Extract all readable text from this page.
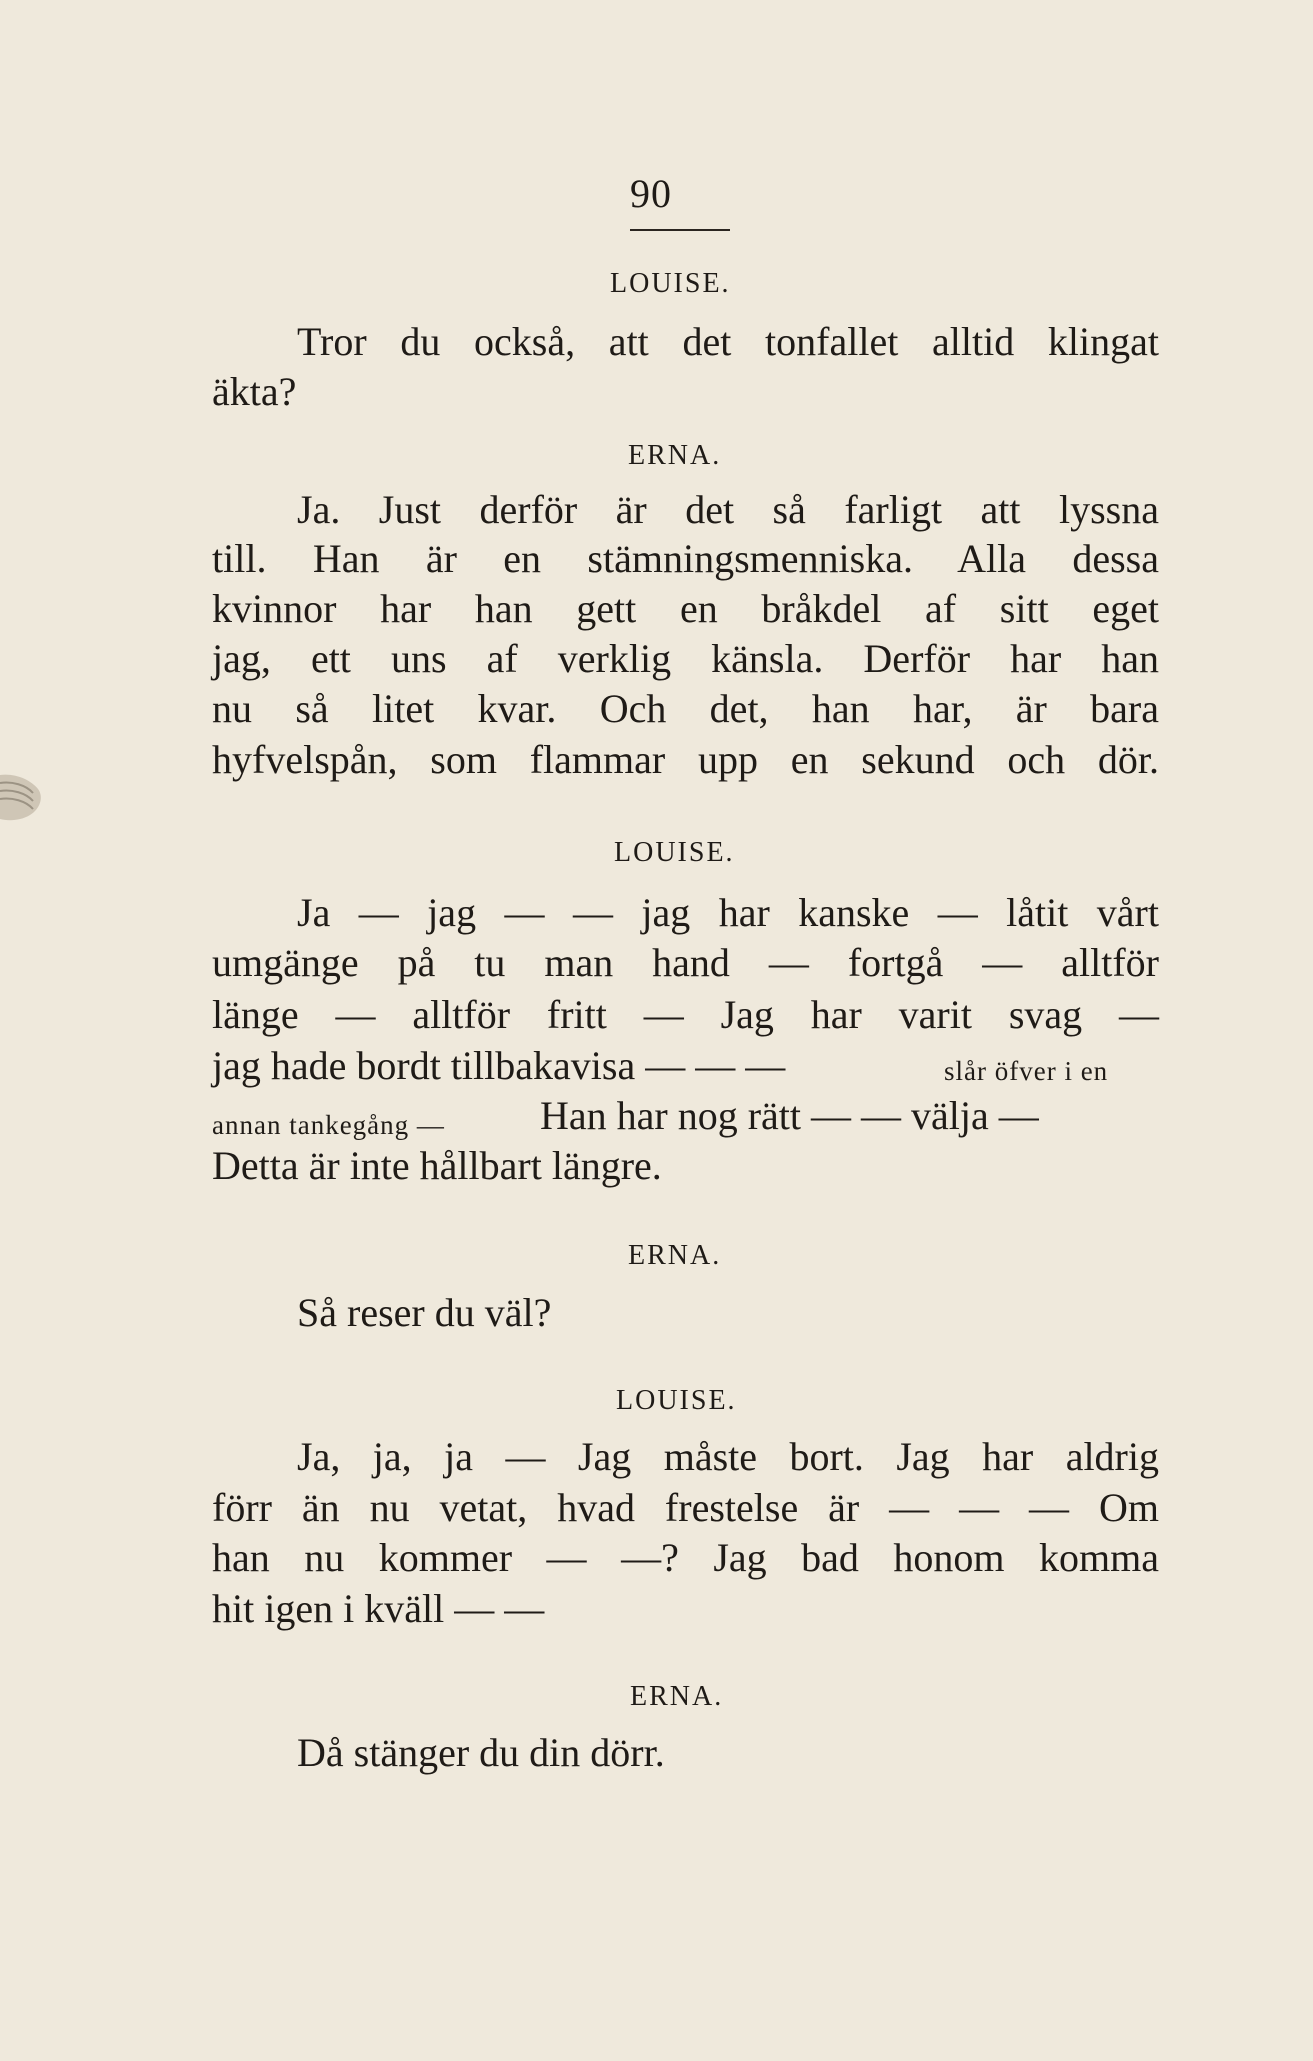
90
LOUISE.
Tror du också, att det tonfallet alltid klingat
äkta?
ERNA.
Ja. Just derför är det så farligt att lyssna
till. Han är en stämningsmenniska. Alla dessa
kvinnor har han gett en bråkdel af sitt eget
jag, ett uns af verklig känsla. Derför har han
nu så litet kvar. Och det, han har, är bara
hyfvelspån, som flammar upp en sekund och dör.
LOUISE.
Ja — jag — — jag har kanske — låtit vårt
umgänge på tu man hand — fortgå — alltför
länge — alltför fritt — Jag har varit svag —
jag hade bordt tillbakavisa — — —	slår öfver i en
annan tankegång — Han har nog rätt — — välja —
Detta är inte hållbart längre.
ERNA.
Så reser du väl?
LOUISE.
Ja, ja, ja — Jag måste bort. Jag har aldrig
förr än nu vetat, hvad frestelse är — — — Om
han nu kommer — —? Jag bad honom komma
hit igen i kväll — —
ERNA.
Då stänger du din dörr.
